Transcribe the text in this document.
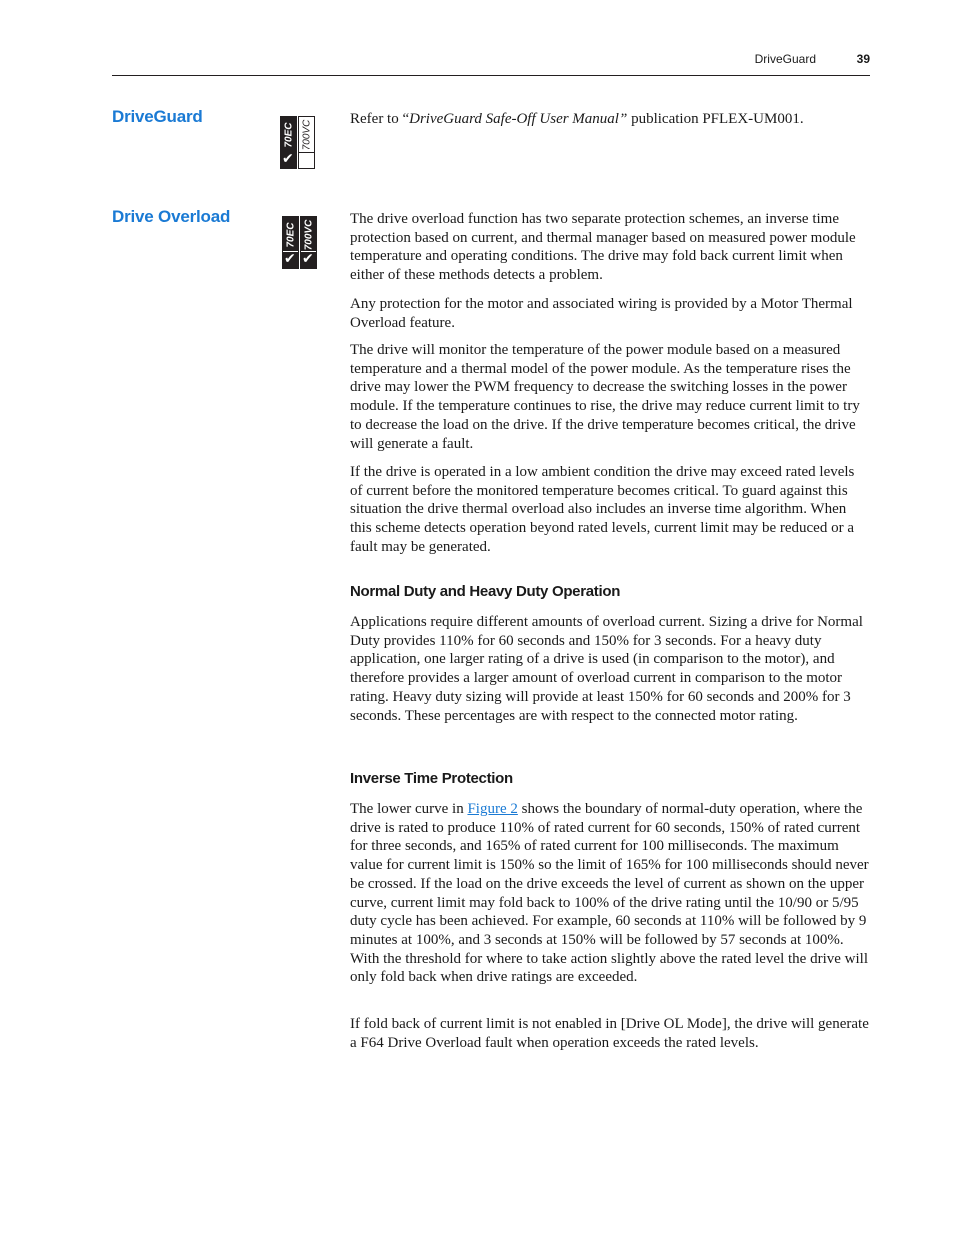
DriveGuard	39
DriveGuard
70EC
✔
700VC

Refer to “DriveGuard Safe-Off User Manual” publication PFLEX-UM001.

Drive Overload
70EC
✔
700VC
✔

The drive overload function has two separate protection schemes, an inverse time protection based on current, and thermal manager based on measured power module temperature and operating conditions. The drive may fold back current limit when either of these methods detects a problem.

Any protection for the motor and associated wiring is provided by a Motor Thermal Overload feature.

The drive will monitor the temperature of the power module based on a measured temperature and a thermal model of the power module. As the temperature rises the drive may lower the PWM frequency to decrease the switching losses in the power module. If the temperature continues to rise, the drive may reduce current limit to try to decrease the load on the drive. If the drive temperature becomes critical, the drive will generate a fault.

If the drive is operated in a low ambient condition the drive may exceed rated levels of current before the monitored temperature becomes critical. To guard against this situation the drive thermal overload also includes an inverse time algorithm. When this scheme detects operation beyond rated levels, current limit may be reduced or a fault may be generated.

Normal Duty and Heavy Duty Operation

Applications require different amounts of overload current. Sizing a drive for Normal Duty provides 110% for 60 seconds and 150% for 3 seconds. For a heavy duty application, one larger rating of a drive is used (in comparison to the motor), and therefore provides a larger amount of overload current in comparison to the motor rating. Heavy duty sizing will provide at least 150% for 60 seconds and 200% for 3 seconds. These percentages are with respect to the connected motor rating.

Inverse Time Protection

The lower curve in Figure 2 shows the boundary of normal-duty operation, where the drive is rated to produce 110% of rated current for 60 seconds, 150% of rated current for three seconds, and 165% of rated current for 100 milliseconds. The maximum value for current limit is 150% so the limit of 165% for 100 milliseconds should never be crossed. If the load on the drive exceeds the level of current as shown on the upper curve, current limit may fold back to 100% of the drive rating until the 10/90 or 5/95 duty cycle has been achieved. For example, 60 seconds at 110% will be followed by 9 minutes at 100%, and 3 seconds at 150% will be followed by 57 seconds at 100%. With the threshold for where to take action slightly above the rated level the drive will only fold back when drive ratings are exceeded.

If fold back of current limit is not enabled in [Drive OL Mode], the drive will generate a F64 Drive Overload fault when operation exceeds the rated levels.
